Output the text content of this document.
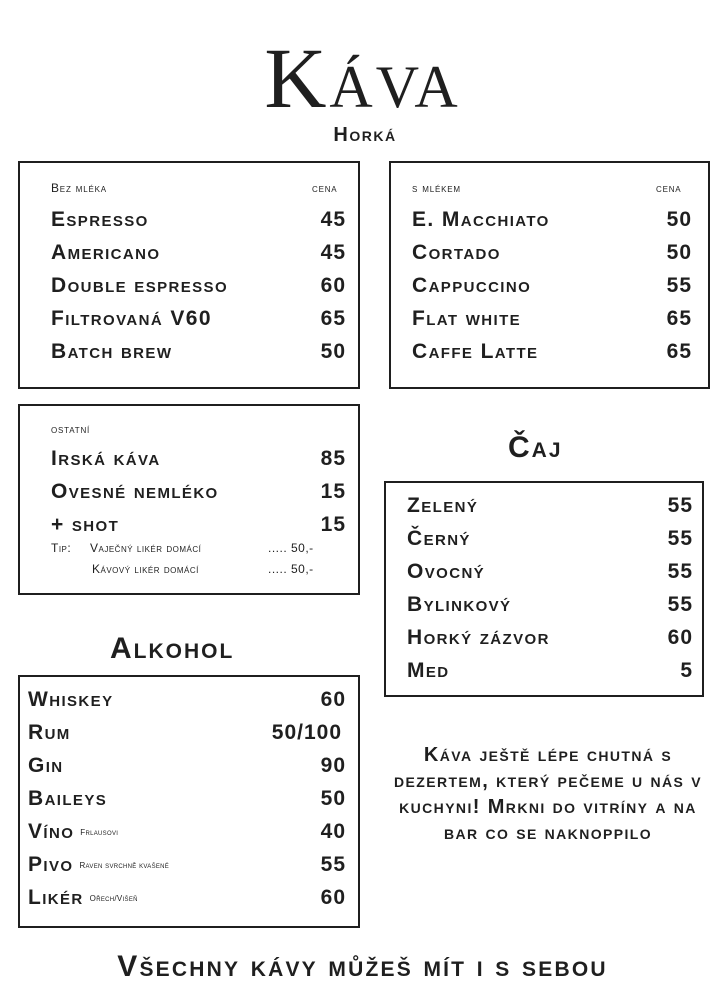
Káva
Horká
Bez mléka	cena
Espresso	45
Americano	45
Double espresso	60
Filtrovaná V60	65
Batch brew	50
s mlékem	cena
E. Macchiato	50
Cortado	50
Cappuccino	55
Flat white	65
Caffe Latte	65
ostatní
Irská káva	85
Ovesné nemléko	15
+ shot	15
Tip: Vaječný likér domácí	..... 50,-
Kávový likér domácí	..... 50,-
Čaj
Zelený	55
Černý	55
Ovocný	55
Bylinkový	55
Horký zázvor	60
Med	5
Alkohol
Whiskey	60
Rum	50/100
Gin	90
Baileys	50
Víno Frlausovi	40
Pivo Raven svrchně kvašené	55
Likér Ořech/Višeň	60
Káva ještě lépe chutná s dezertem, který pečeme u nás v kuchyni! Mrkni do vitríny a na bar co se naknoppilo
Všechny kávy můžeš mít i s sebou
